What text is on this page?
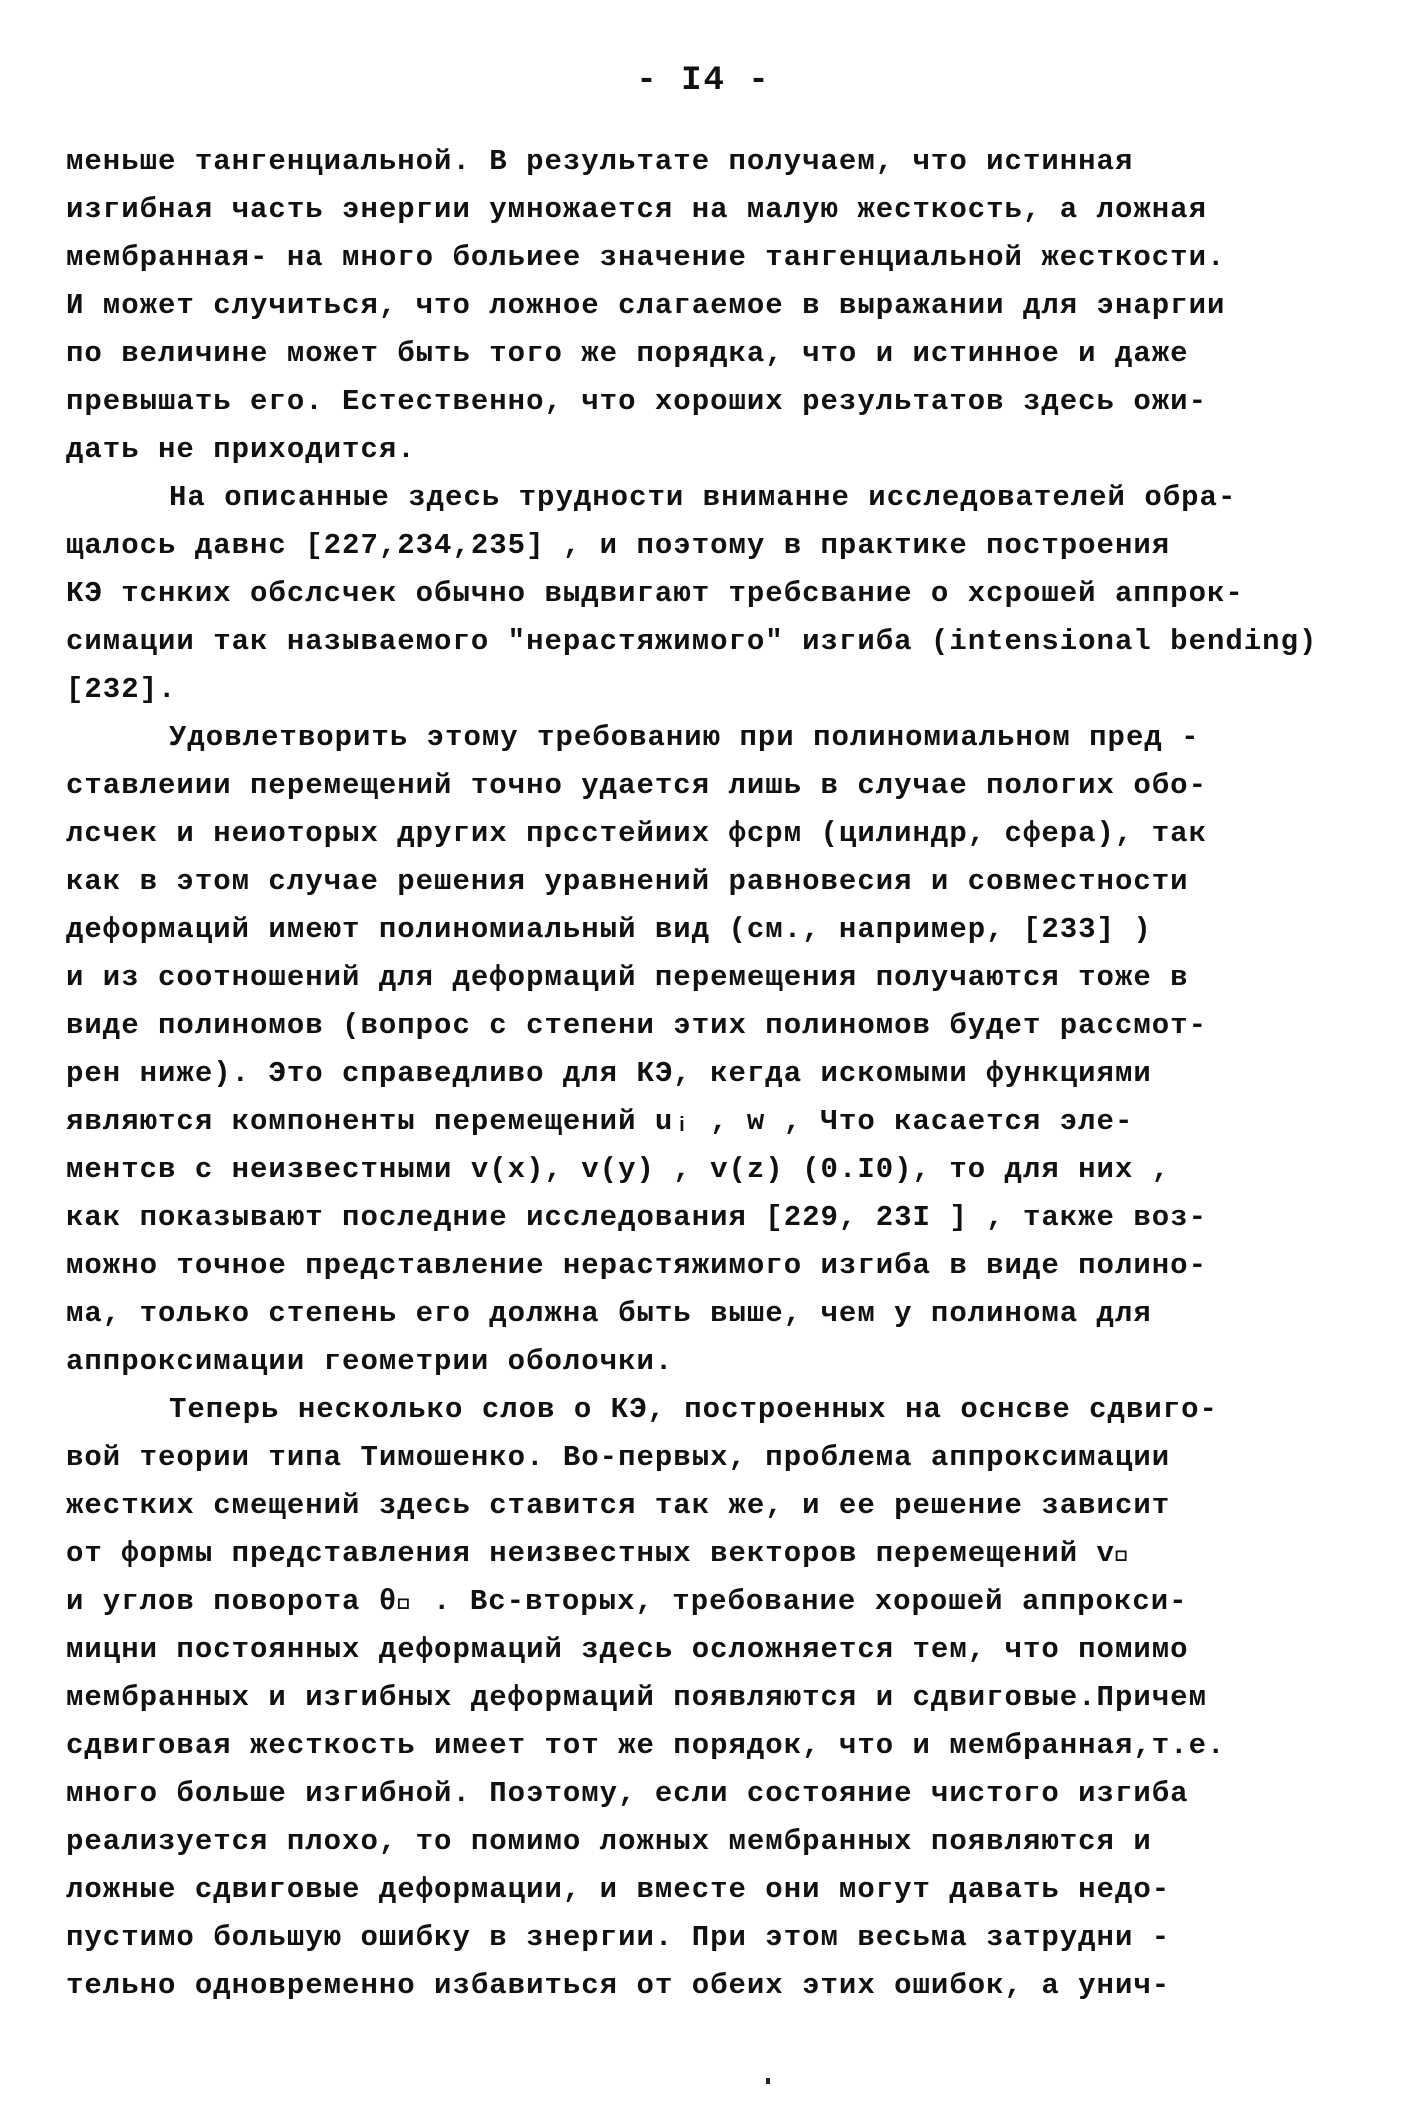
- I4 -
меньше тангенциальной. В результате получаем, что истинная
изгибная часть энергии умножается на малую жесткость, а ложная
мембранная- на много больиее значение тангенциальной жесткости.
И может случиться, что ложное слагаемое в выражании для энаргии
по величине может быть того же порядка, что и истинное и даже
превышать его. Естественно, что хороших результатов здесь ожи-
дать не приходится.
На описанные здесь трудности вниманне исследователей обра-
щалось давнс [227,234,235] , и поэтому в практике построения
КЭ тснких обслсчек обычно выдвигают требсвание о хсрошей аппрок-
симации так называемого "нерастяжимого" изгиба (intensional bending)
[232].
Удовлетворить этому требованию при полиномиальном пред -
ставлеиии перемещений точно удается лишь в случае пологих обо-
лсчек и неиоторых других прсстейиих фсрм (цилиндр, сфера), так
как в этом случае решения уравнений равновесия и совместности
деформаций имеют полиномиальный вид (см., например, [233] )
и из соотношений для деформаций перемещения получаются тоже в
виде полиномов (вопрос с степени этих полиномов будет рассмот-
рен ниже). Это справедливо для КЭ, кегда искомыми функциями
являются компоненты перемещений uᵢ , w , Что касается эле-
ментсв с неизвестными v(x), v(y) , v(z) (0.I0), то для них ,
как показывают последние исследования [229, 23I ] , также воз-
можно точное представление нерастяжимого изгиба в виде полино-
ма, только степень его должна быть выше, чем у полинома для
аппроксимации геометрии оболочки.
Теперь несколько слов о КЭ, построенных на оснсве сдвиго-
вой теории типа Тимошенко. Во-первых, проблема аппроксимации
жестких смещений здесь ставится так же, и ее решение зависит
от формы представления неизвестных векторов перемещений v⃗
и углов поворота θ⃗ . Вс-вторых, требование хорошей аппрокси-
мицни постоянных деформаций здесь осложняется тем, что помимо
мембранных и изгибных деформаций появляются и сдвиговые.Причем
сдвиговая жесткость имеет тот же порядок, что и мембранная,т.е.
много больше изгибной. Поэтому, если состояние чистого изгиба
реализуется плохо, то помимо ложных мембранных появляются и
ложные сдвиговые деформации, и вместе они могут давать недо-
пустимо большую ошибку в знергии. При этом весьма затрудни -
тельно одновременно избавиться от обеих этих ошибок, а унич-
